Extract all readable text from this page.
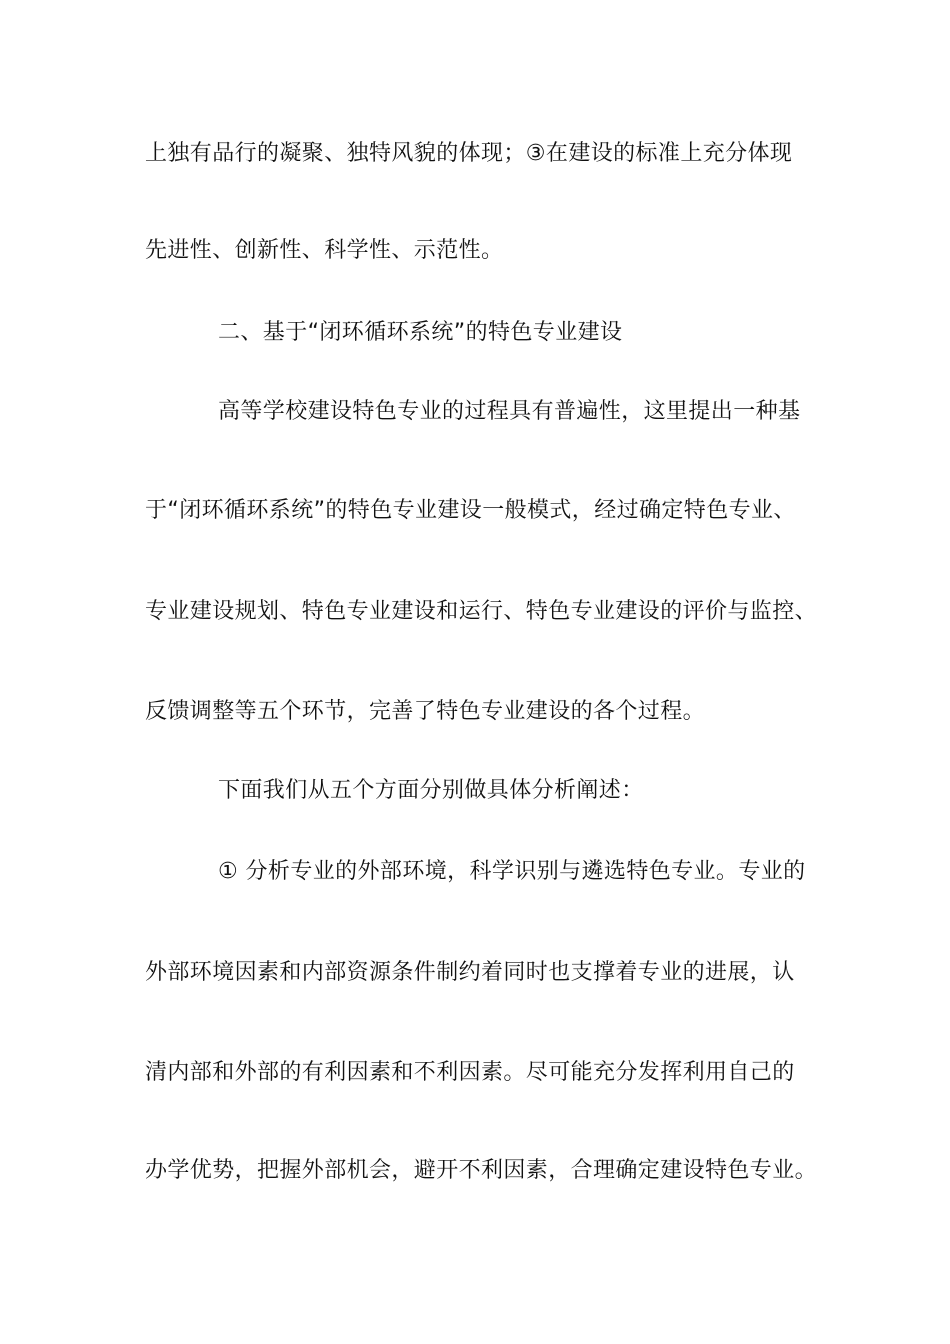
上独有品行的凝聚、独特风貌的体现；③在建设的标准上充分体现
先进性、创新性、科学性、示范性。
二、基于“闭环循环系统”的特色专业建设
高等学校建设特色专业的过程具有普遍性，这里提出一种基
于“闭环循环系统”的特色专业建设一般模式，经过确定特色专业、
专业建设规划、特色专业建设和运行、特色专业建设的评价与监控、
反馈调整等五个环节，完善了特色专业建设的各个过程。
下面我们从五个方面分别做具体分析阐述：
① 分析专业的外部环境，科学识别与遴选特色专业。专业的
外部环境因素和内部资源条件制约着同时也支撑着专业的进展，认
清内部和外部的有利因素和不利因素。尽可能充分发挥利用自己的
办学优势，把握外部机会，避开不利因素，合理确定建设特色专业。
